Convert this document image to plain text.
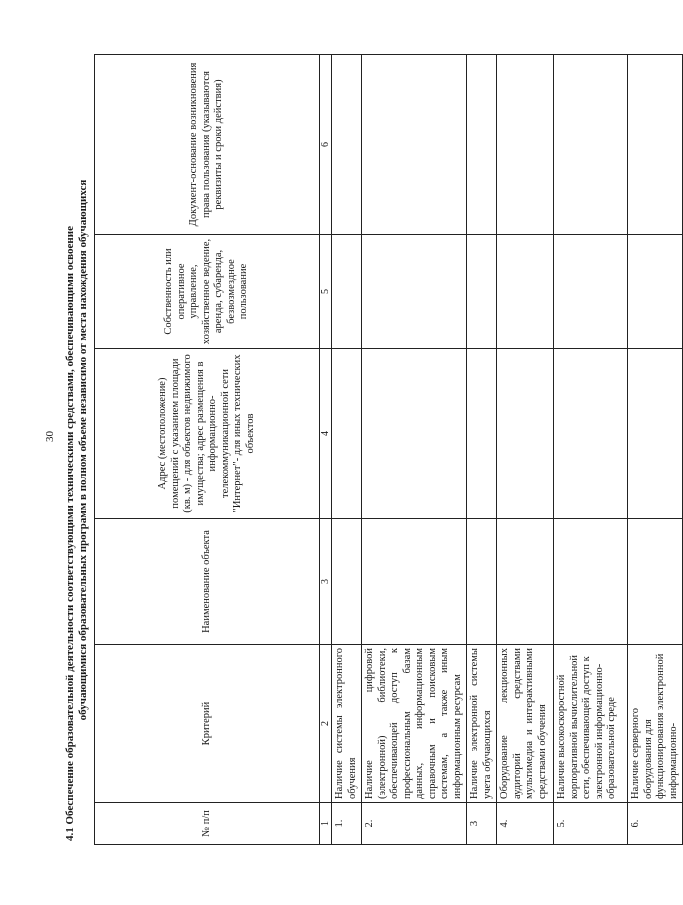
30 4.1 Обеспечение образовательной деятельности соответствующими техническими средствами, обеспечивающими освоение обучающимися образовательных программ в полном объеме независимо от места нахождения обучающихся
№ п/п	Критерий	Наименование объекта	Адрес (местоположение) помещений с указанием площади (кв. м) - для объектов недвижимого имущества; адрес размещения в информационно-телекоммуникационной сети "Интернет"- для иных технических объектов	Собственность или оперативное управление, хозяйственное ведение, аренда, субаренда, безвозмездное пользование	Документ-основание возникновения права пользования (указываются реквизиты и сроки действия)
1	2	3	4	5	6
1.	Наличие системы электронного обучения				
2.	Наличие цифровой (электронной) библиотеки, обеспечивающей доступ к профессиональным базам данных, информационным справочным и поисковым системам, а также иным информационным ресурсам				
3	Наличие электронной системы учета обучающихся				
4.	Оборудование лекционных аудиторий средствами мультимедиа и интерактивными средствами обучения				
5.	Наличие высокоскоростной корпоративной вычислительной сети, обеспечивающей доступ к электронной информационно-образовательной среде				
6.	Наличие серверного оборудования для функционирования электронной информационно-				
